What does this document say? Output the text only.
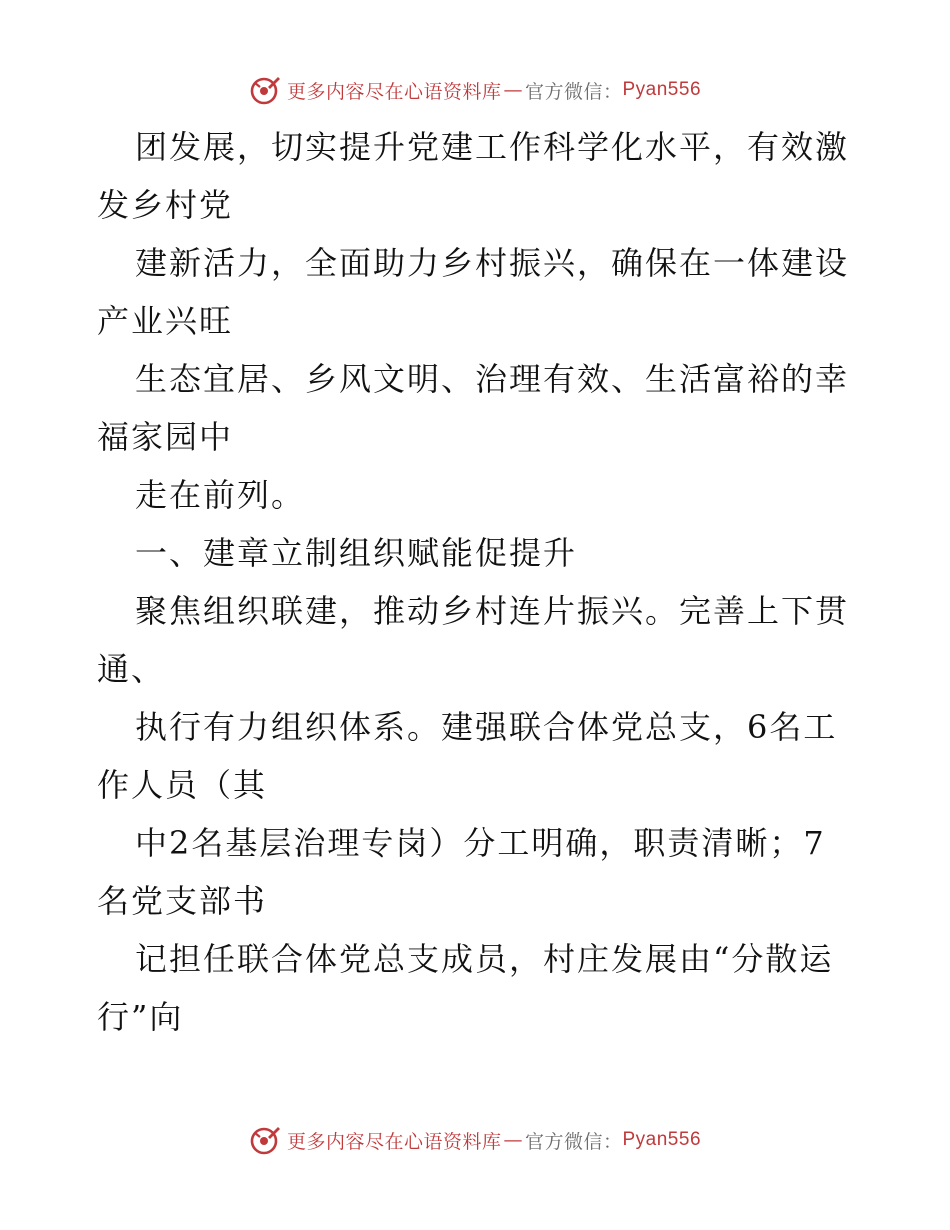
更多内容尽在心语资料库 — 官方微信： Pyan556

团发展，切实提升党建工作科学化水平，有效激发乡村党

建新活力，全面助力乡村振兴，确保在一体建设产业兴旺

生态宜居、乡风文明、治理有效、生活富裕的幸福家园中

走在前列。

一、建章立制组织赋能促提升

聚焦组织联建，推动乡村连片振兴。完善上下贯通、

执行有力组织体系。建强联合体党总支，6名工作人员（其

中2名基层治理专岗）分工明确，职责清晰；7名党支部书

记担任联合体党总支成员，村庄发展由“分散运行”向

更多内容尽在心语资料库 — 官方微信： Pyan556
